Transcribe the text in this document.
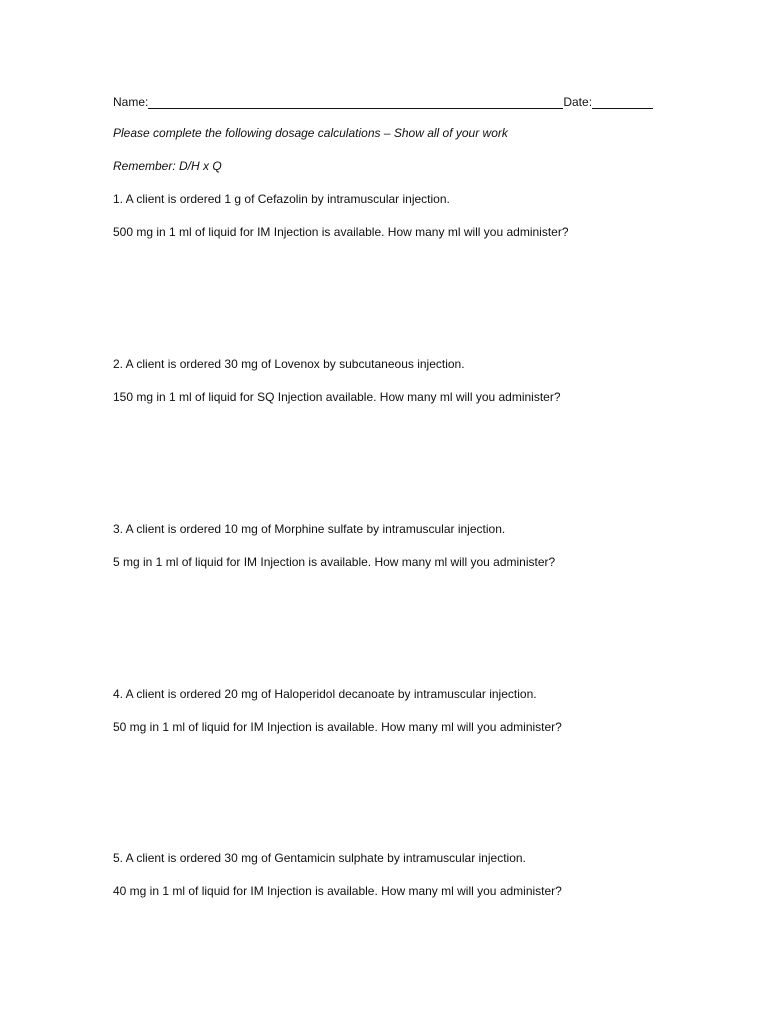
Name:	Date:
Please complete the following dosage calculations – Show all of your work
Remember: D/H x Q
1. A client is ordered 1 g of Cefazolin by intramuscular injection.
500 mg in 1 ml of liquid for IM Injection is available. How many ml will you administer?
2. A client is ordered 30 mg of Lovenox by subcutaneous injection.
150 mg in 1 ml of liquid for SQ Injection available. How many ml will you administer?
3. A client is ordered 10 mg of Morphine sulfate by intramuscular injection.
5 mg in 1 ml of liquid for IM Injection is available. How many ml will you administer?
4. A client is ordered 20 mg of Haloperidol decanoate by intramuscular injection.
50 mg in 1 ml of liquid for IM Injection is available. How many ml will you administer?
5. A client is ordered 30 mg of Gentamicin sulphate by intramuscular injection.
40 mg in 1 ml of liquid for IM Injection is available. How many ml will you administer?
